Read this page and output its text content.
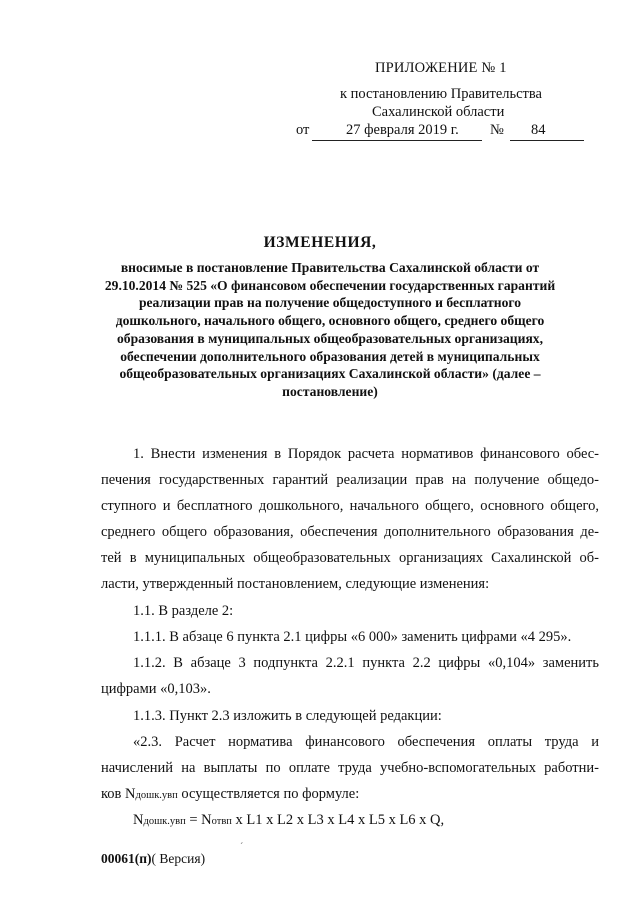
ПРИЛОЖЕНИЕ № 1
к постановлению Правительства
Сахалинской области
от	27 февраля 2019 г. № 84
ИЗМЕНЕНИЯ,
вносимые в постановление Правительства Сахалинской области от
29.10.2014 № 525 «О финансовом обеспечении государственных гарантий
реализации прав на получение общедоступного и бесплатного
дошкольного, начального общего, основного общего, среднего общего
образования в муниципальных общеобразовательных организациях,
обеспечении дополнительного образования детей в муниципальных
общеобразовательных организациях Сахалинской области» (далее –
постановление)
1. Внести изменения в Порядок расчета нормативов финансового обес-
печения государственных гарантий реализации прав на получение общедо-
ступного и бесплатного дошкольного, начального общего, основного общего,
среднего общего образования, обеспечения дополнительного образования де-
тей в муниципальных общеобразовательных организациях Сахалинской об-
ласти, утвержденный постановлением, следующие изменения:
1.1. В разделе 2:
1.1.1. В абзаце 6 пункта 2.1 цифры «6 000» заменить цифрами «4 295».
1.1.2. В абзаце 3 подпункта 2.2.1 пункта 2.2 цифры «0,104» заменить
цифрами «0,103».
1.1.3. Пункт 2.3 изложить в следующей редакции:
«2.3. Расчет норматива финансового обеспечения оплаты труда и
начислений на выплаты по оплате труда учебно-вспомогательных работни-
ков Nдошк.увп осуществляется по формуле:
Nдошк.увп = Nотвп x L1 x L2 x L3 x L4 x L5 x L6 x Q,
ˊ
00061(п)( Версия)
